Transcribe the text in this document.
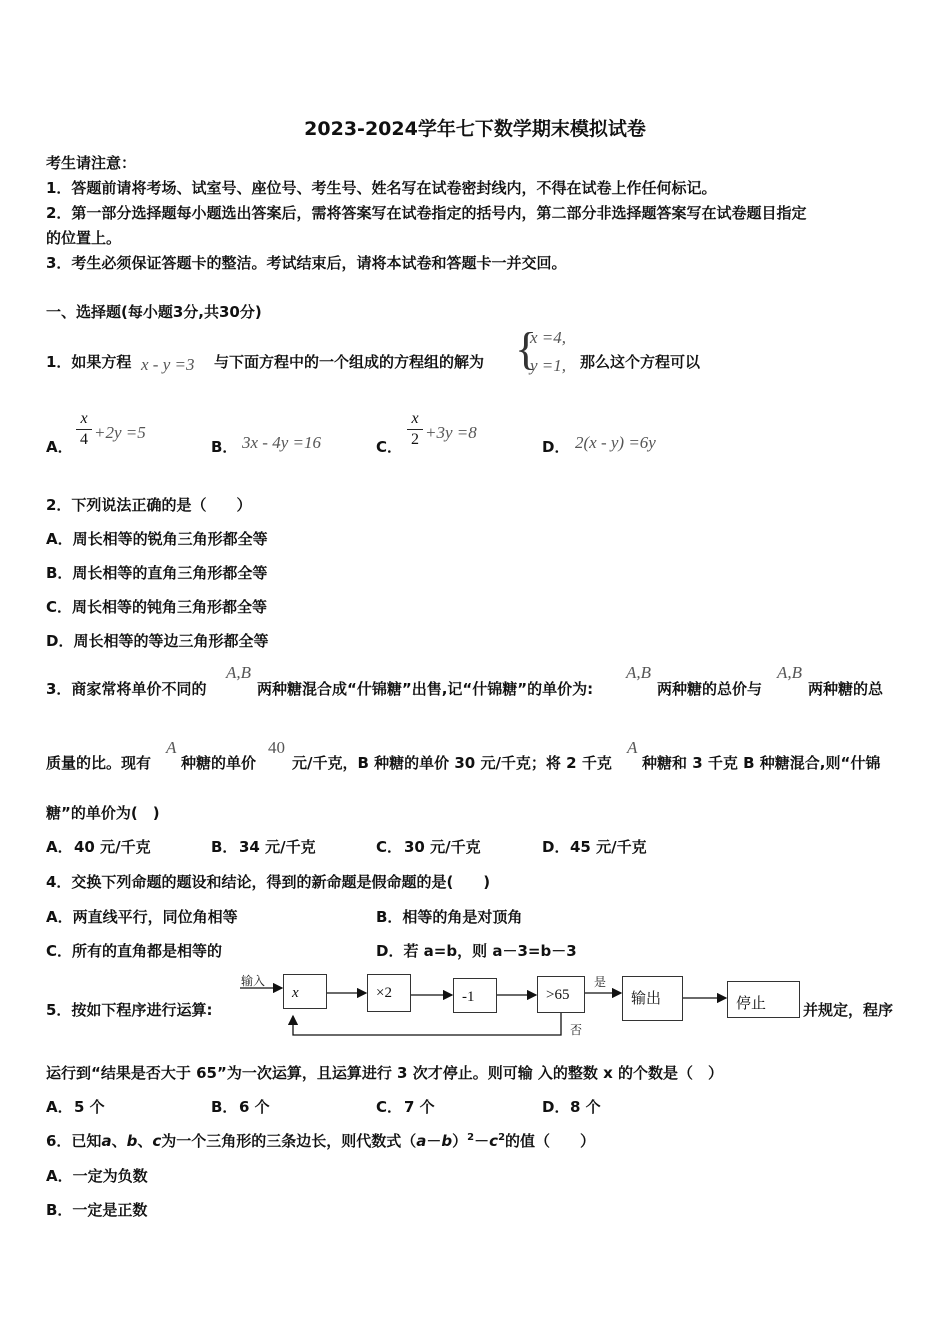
2023-2024学年七下数学期末模拟试卷
考生请注意：
1．答题前请将考场、试室号、座位号、考生号、姓名写在试卷密封线内，不得在试卷上作任何标记。
2．第一部分选择题每小题选出答案后，需将答案写在试卷指定的括号内，第二部分非选择题答案写在试卷题目指定
的位置上。
3．考生必须保证答题卡的整洁。考试结束后，请将本试卷和答题卡一并交回。
一、选择题(每小题3分,共30分)
1．如果方程 x - y =3 与下面方程中的一个组成的方程组的解为 {
x =4,
y =1, 那么这个方程可以
A．
x
4 +2y =5
B． 3x - 4y =16	C．
x
2 +3y =8
D． 2(x - y) =6y
2．下列说法正确的是（　　）
A．周长相等的锐角三角形都全等
B．周长相等的直角三角形都全等
C．周长相等的钝角三角形都全等
D．周长相等的等边三角形都全等
3．商家常将单价不同的
A,B
两种糖混合成“什锦糖”出售,记“什锦糖”的单价为:
A,B
两种糖的总价与
A,B
两种糖的总
质量的比。现有
A
种糖的单价
40
元/千克，B 种糖的单价 30 元/千克；将 2 千克
A
种糖和 3 千克 B 种糖混合,则“什锦
糖”的单价为(　)
A． 40 元/千克	B． 34 元/千克	C． 30 元/千克	D． 45 元/千克
4．交换下列命题的题设和结论，得到的新命题是假命题的是(　　)
A．两直线平行，同位角相等	B．相等的角是对顶角
C．所有的直角都是相等的	D．若 a=b，则 a－3=b－3
5．按如下程序进行运算:
输入
x	×2	-1	>65
是
否
输出	停止	并规定，程序
运行到“结果是否大于 65”为一次运算，且运算进行 3 次才停止。则可输 入的整数 x 的个数是（　）
A． 5 个	B． 6 个	C． 7 个	D． 8 个
6．已知a、b、c为一个三角形的三条边长，则代数式$(a-b)^2-c^2$的值（　　）
A．一定为负数
B．一定是正数
